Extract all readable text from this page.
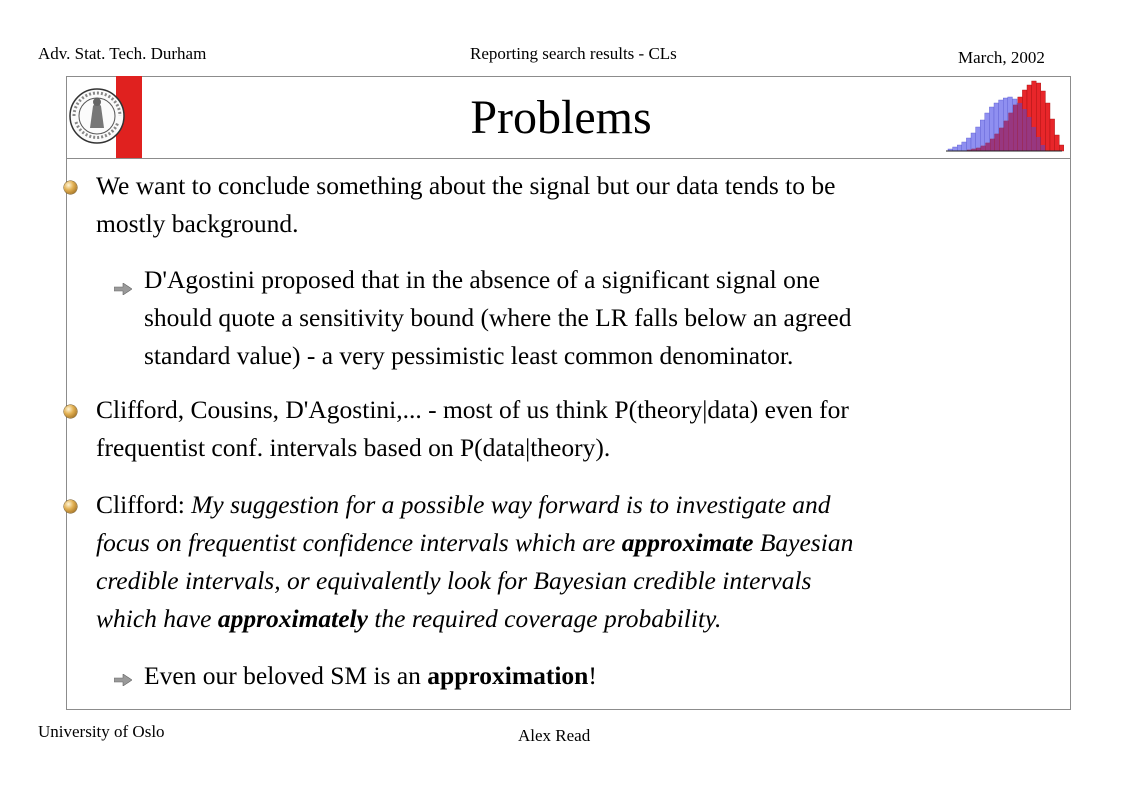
Adv. Stat. Tech. Durham	Reporting search results - CLs	March, 2002
Problems
We want to conclude something about the signal but our data tends to be
mostly background.
D'Agostini proposed that in the absence of a significant signal one
should quote a sensitivity bound (where the LR falls below an agreed
standard value) - a very pessimistic least common denominator.
Clifford, Cousins, D'Agostini,... - most of us think P(theory|data) even for
frequentist conf. intervals based on P(data|theory).
Clifford: My suggestion for a possible way forward is to investigate and
focus on frequentist confidence intervals which are approximate Bayesian
credible intervals, or equivalently look for Bayesian credible intervals
which have approximately the required coverage probability.
Even our beloved SM is an approximation!
University of Oslo	Alex Read
